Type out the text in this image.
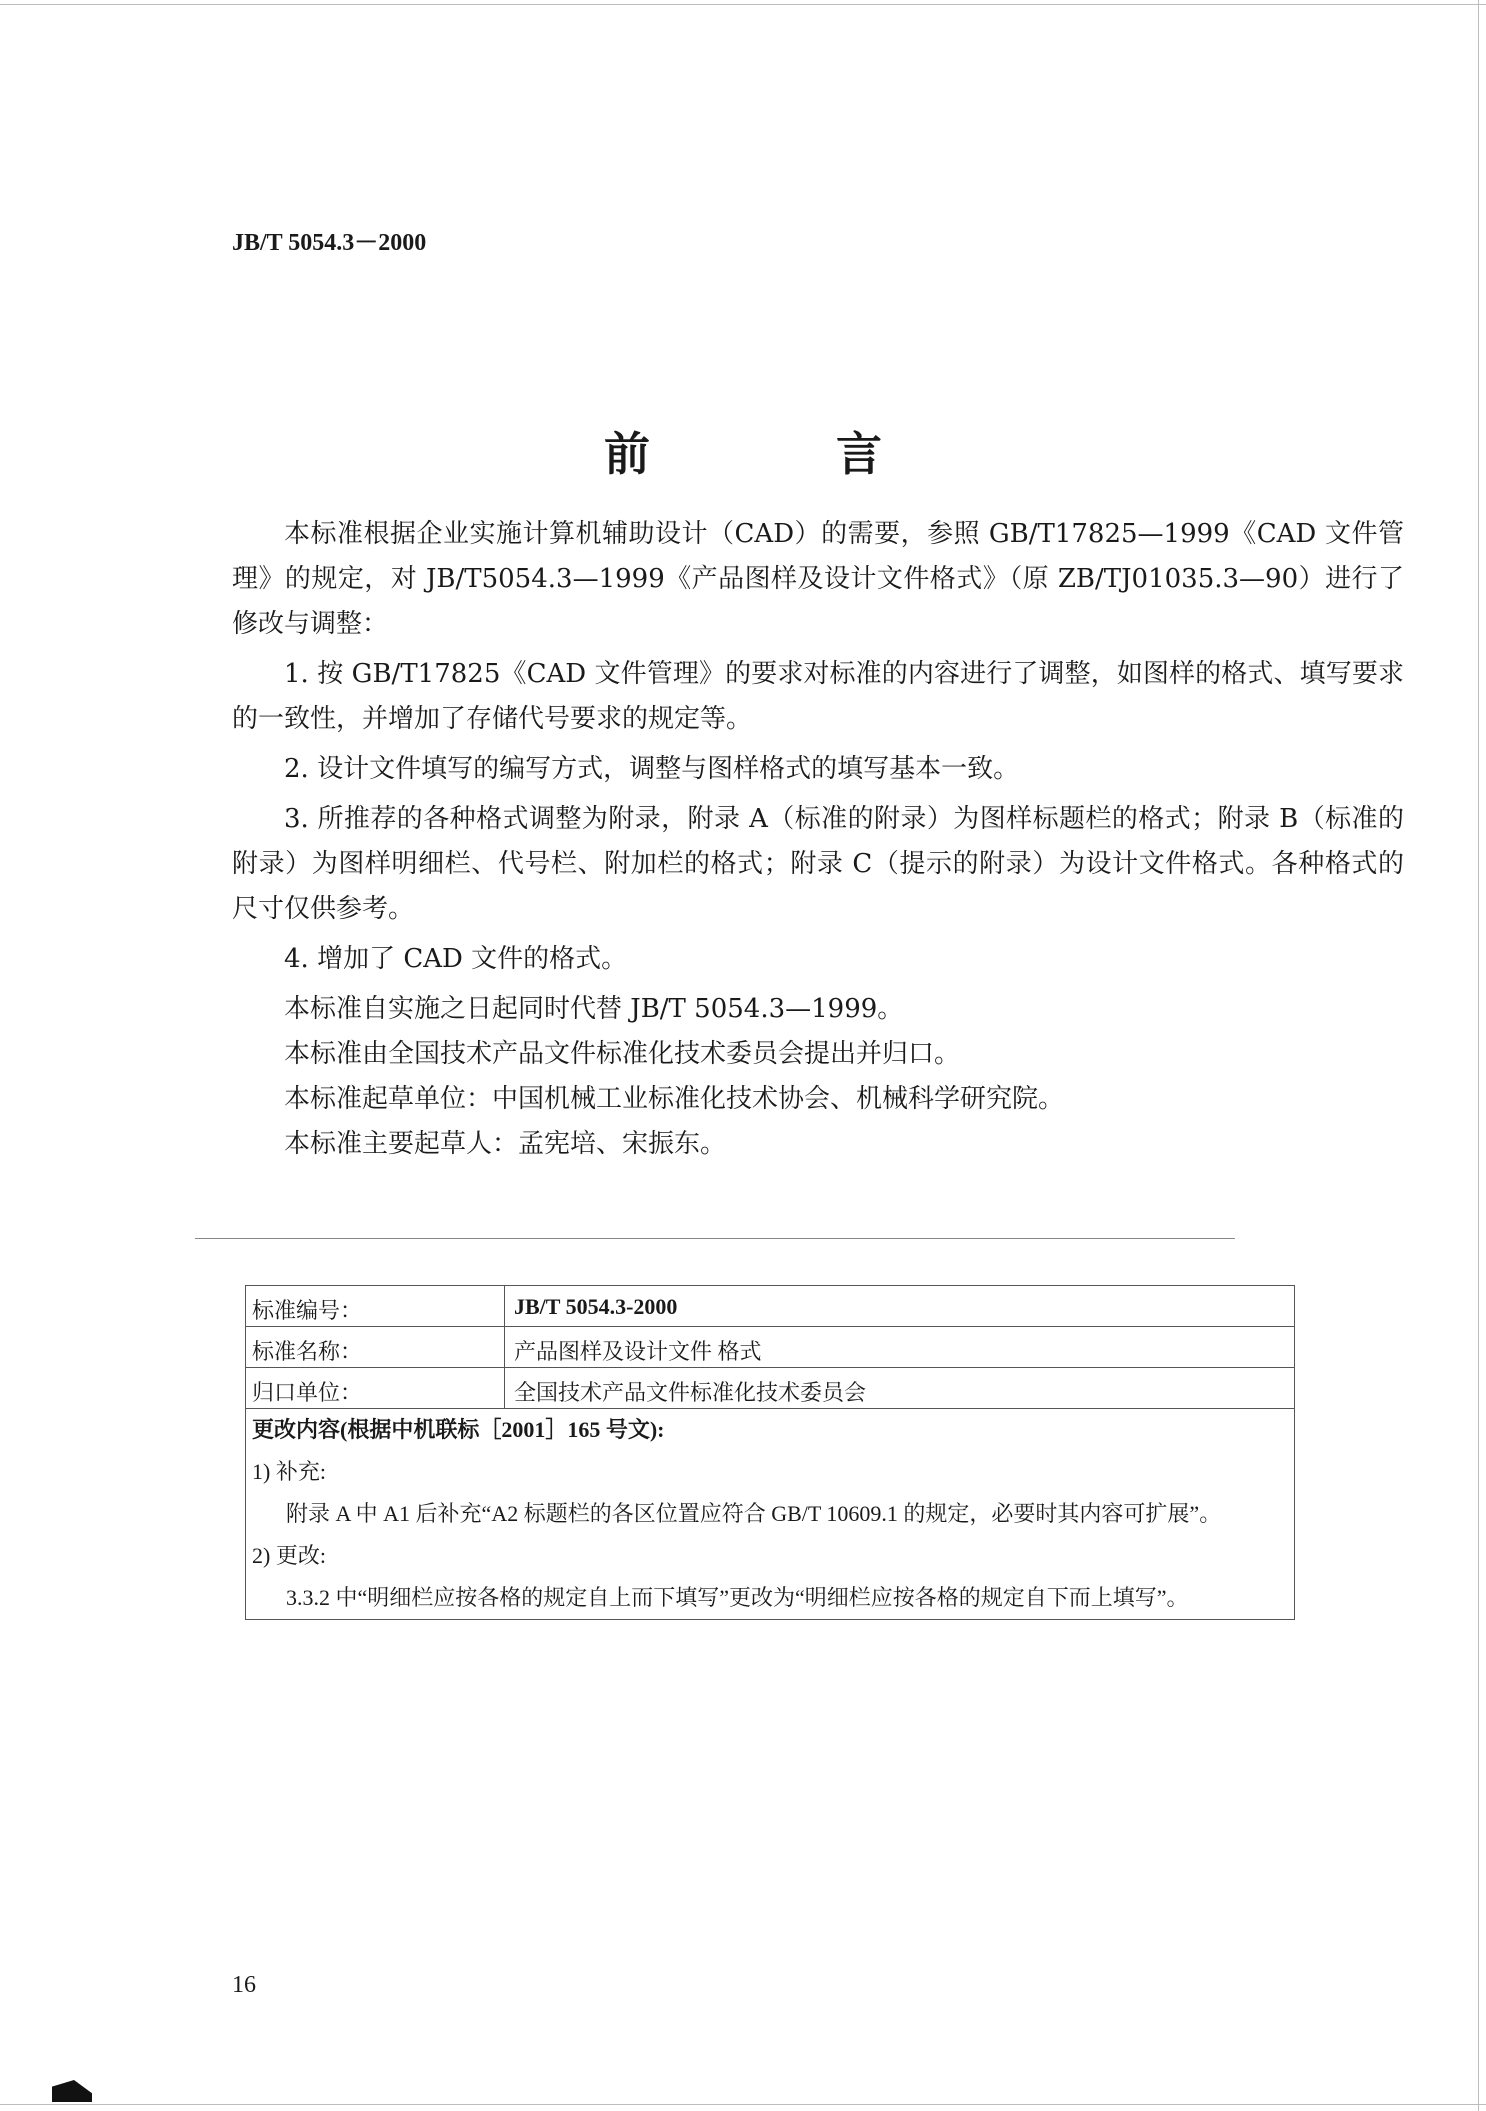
JB/T 5054.3－2000
前　言

本标准根据企业实施计算机辅助设计（CAD）的需要，参照 GB/T17825—1999《CAD 文件管理》的规定，对 JB/T5054.3—1999《产品图样及设计文件格式》（原 ZB/TJ01035.3—90）进行了修改与调整：

1. 按 GB/T17825《CAD 文件管理》的要求对标准的内容进行了调整，如图样的格式、填写要求的一致性，并增加了存储代号要求的规定等。

2. 设计文件填写的编写方式，调整与图样格式的填写基本一致。

3. 所推荐的各种格式调整为附录，附录 A（标准的附录）为图样标题栏的格式；附录 B（标准的附录）为图样明细栏、代号栏、附加栏的格式；附录 C（提示的附录）为设计文件格式。各种格式的尺寸仅供参考。

4. 增加了 CAD 文件的格式。

本标准自实施之日起同时代替 JB/T 5054.3—1999。

本标准由全国技术产品文件标准化技术委员会提出并归口。

本标准起草单位：中国机械工业标准化技术协会、机械科学研究院。

本标准主要起草人：孟宪培、宋振东。

标准编号：	JB/T 5054.3-2000
标准名称：	产品图样及设计文件 格式
归口单位：	全国技术产品文件标准化技术委员会
更改内容(根据中机联标［2001］165 号文):
1) 补充:
附录 A 中 A1 后补充“A2 标题栏的各区位置应符合 GB/T 10609.1 的规定，必要时其内容可扩展”。
2) 更改:
3.3.2 中“明细栏应按各格的规定自上而下填写”更改为“明细栏应按各格的规定自下而上填写”。
16
